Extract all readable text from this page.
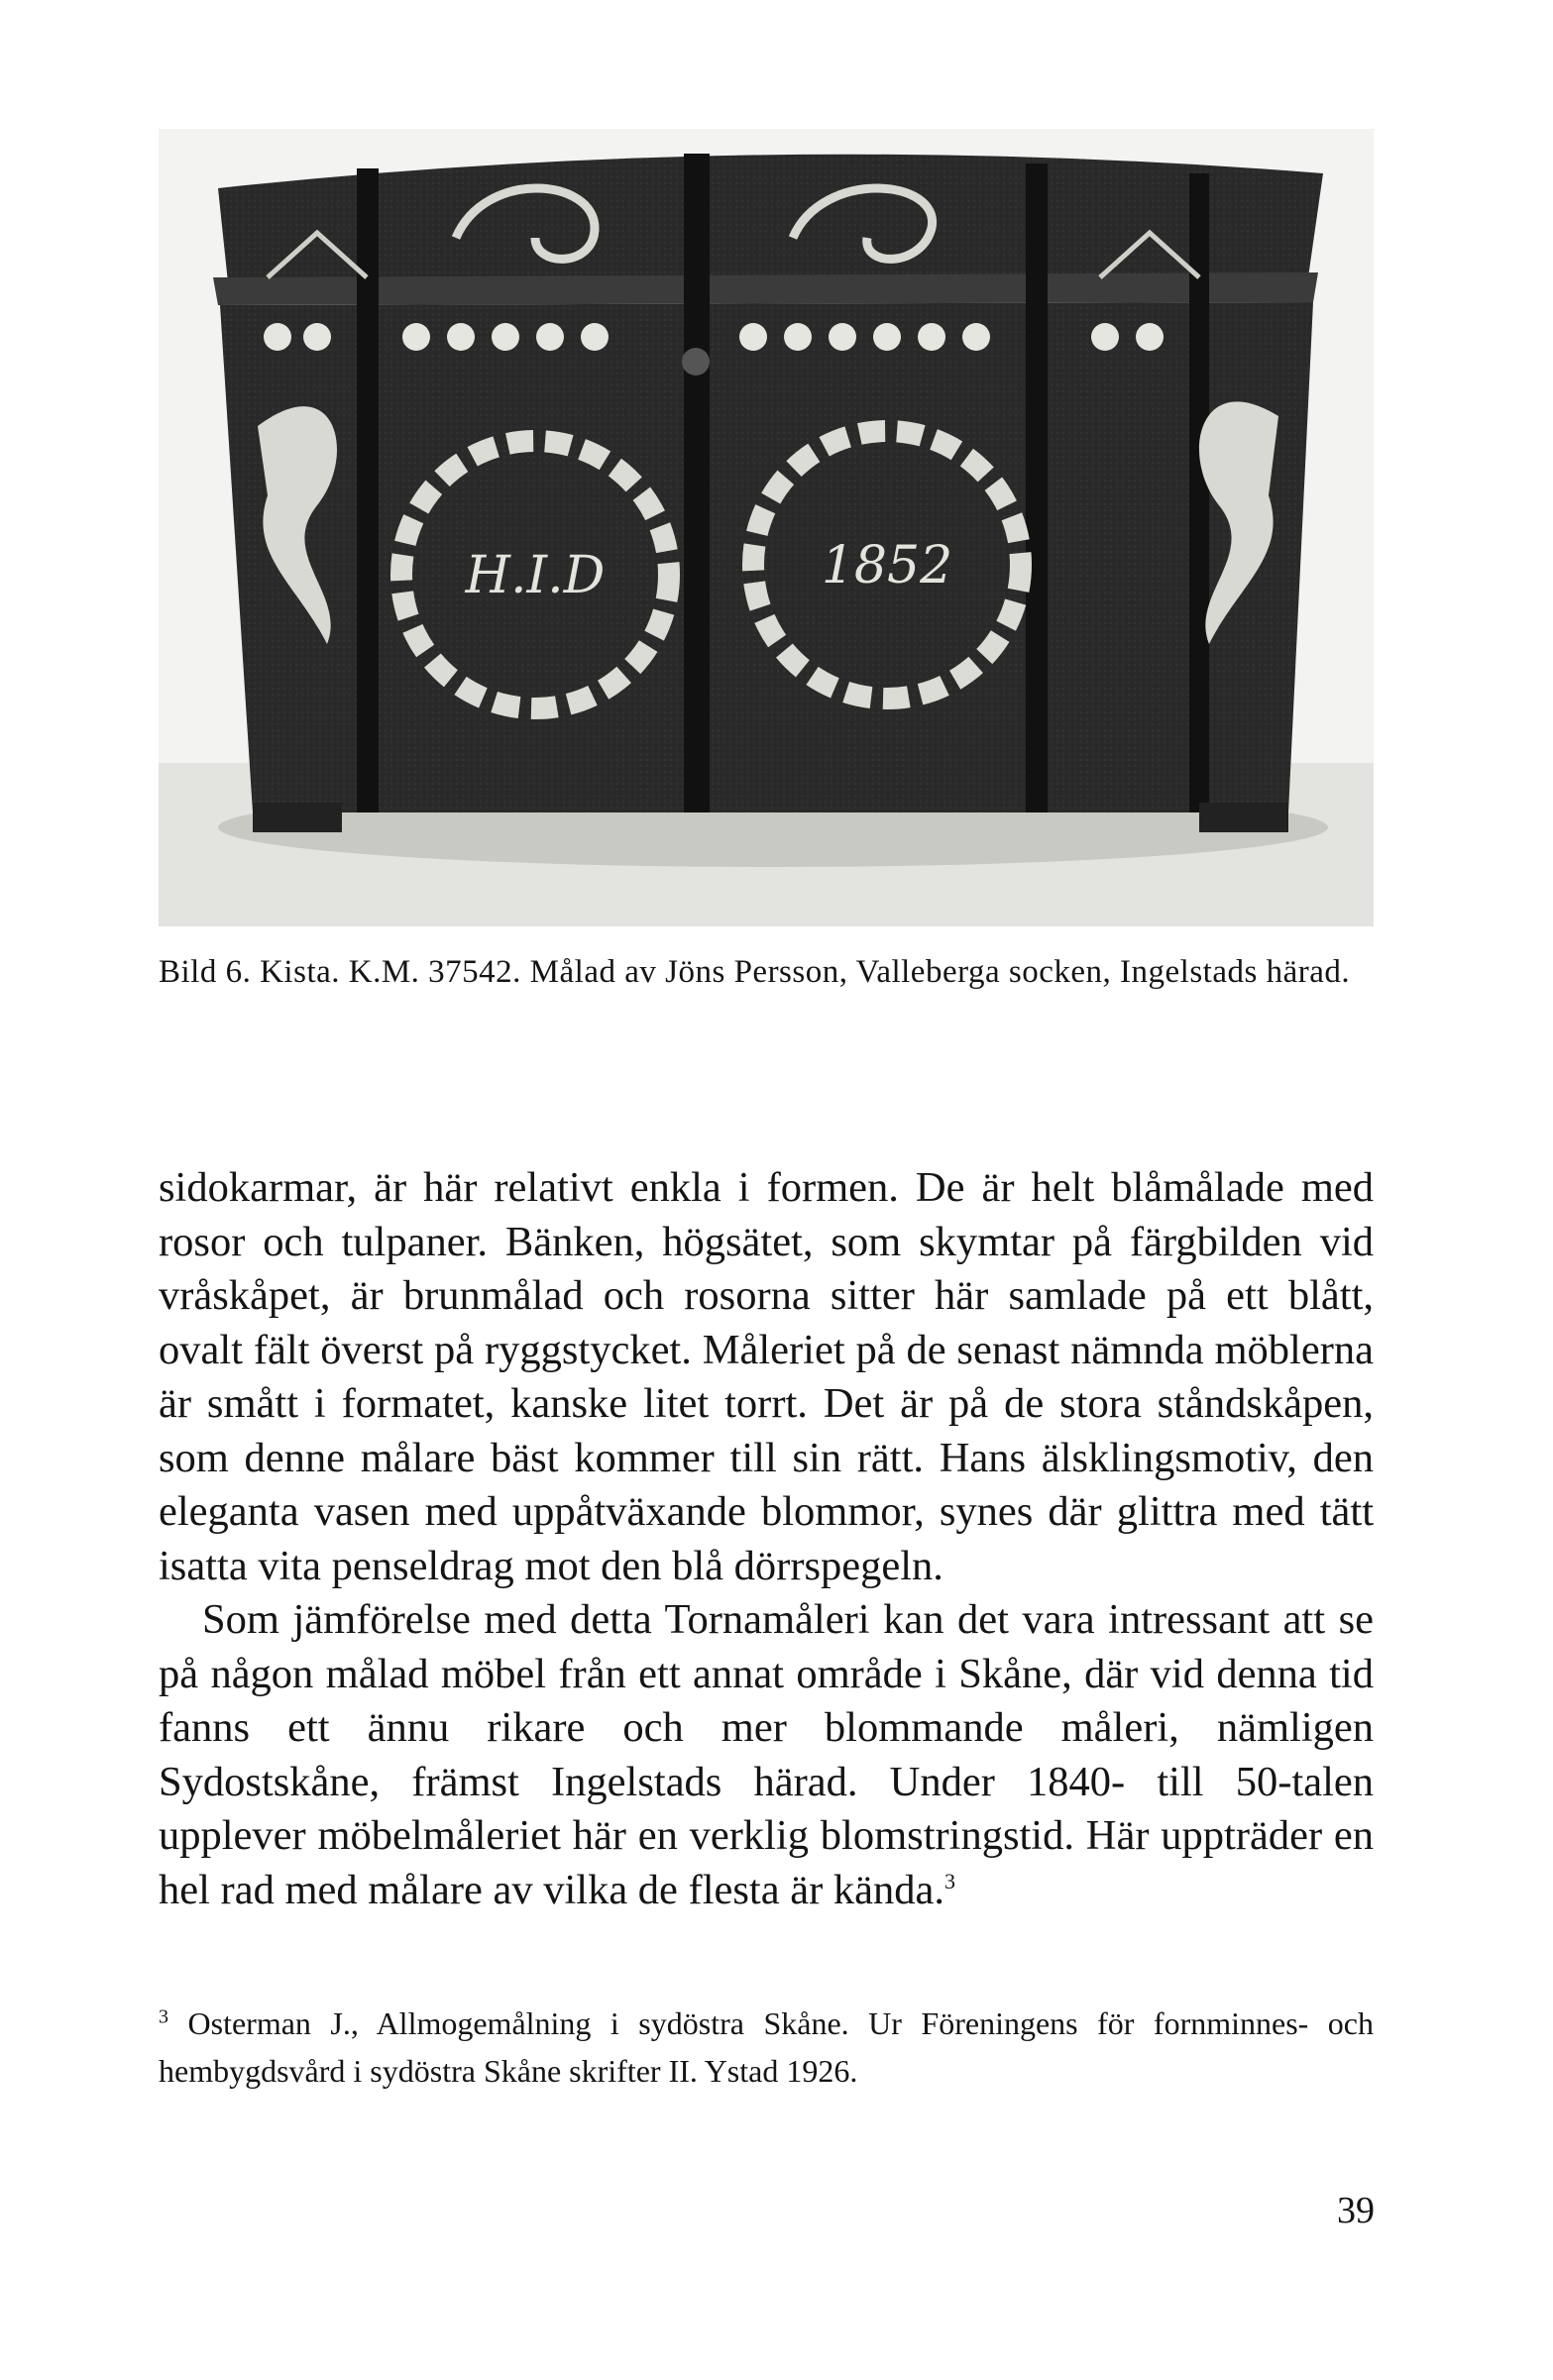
H.I.D	1852

Bild 6. Kista. K.M. 37542. Målad av Jöns Persson, Valleberga socken, Ingelstads härad.

sidokarmar, är här relativt enkla i formen. De är helt blåmålade med rosor och tulpaner. Bänken, högsätet, som skymtar på färgbilden vid vråskåpet, är brunmålad och rosorna sitter här samlade på ett blått, ovalt fält överst på ryggstycket. Måleriet på de senast nämnda möblerna är smått i formatet, kanske litet torrt. Det är på de stora ståndskåpen, som denne målare bäst kommer till sin rätt. Hans älsklingsmotiv, den eleganta vasen med uppåtväxande blommor, synes där glittra med tätt isatta vita penseldrag mot den blå dörrspegeln.

Som jämförelse med detta Tornamåleri kan det vara intressant att se på någon målad möbel från ett annat område i Skåne, där vid denna tid fanns ett ännu rikare och mer blommande måleri, nämligen Sydostskåne, främst Ingelstads härad. Under 1840- till 50-talen upplever möbelmåleriet här en verklig blomstringstid. Här uppträder en hel rad med målare av vilka de flesta är kända.$^3$

$^3$ Osterman J., Allmogemålning i sydöstra Skåne. Ur Föreningens för fornminnes- och hembygdsvård i sydöstra Skåne skrifter II. Ystad 1926.

39
